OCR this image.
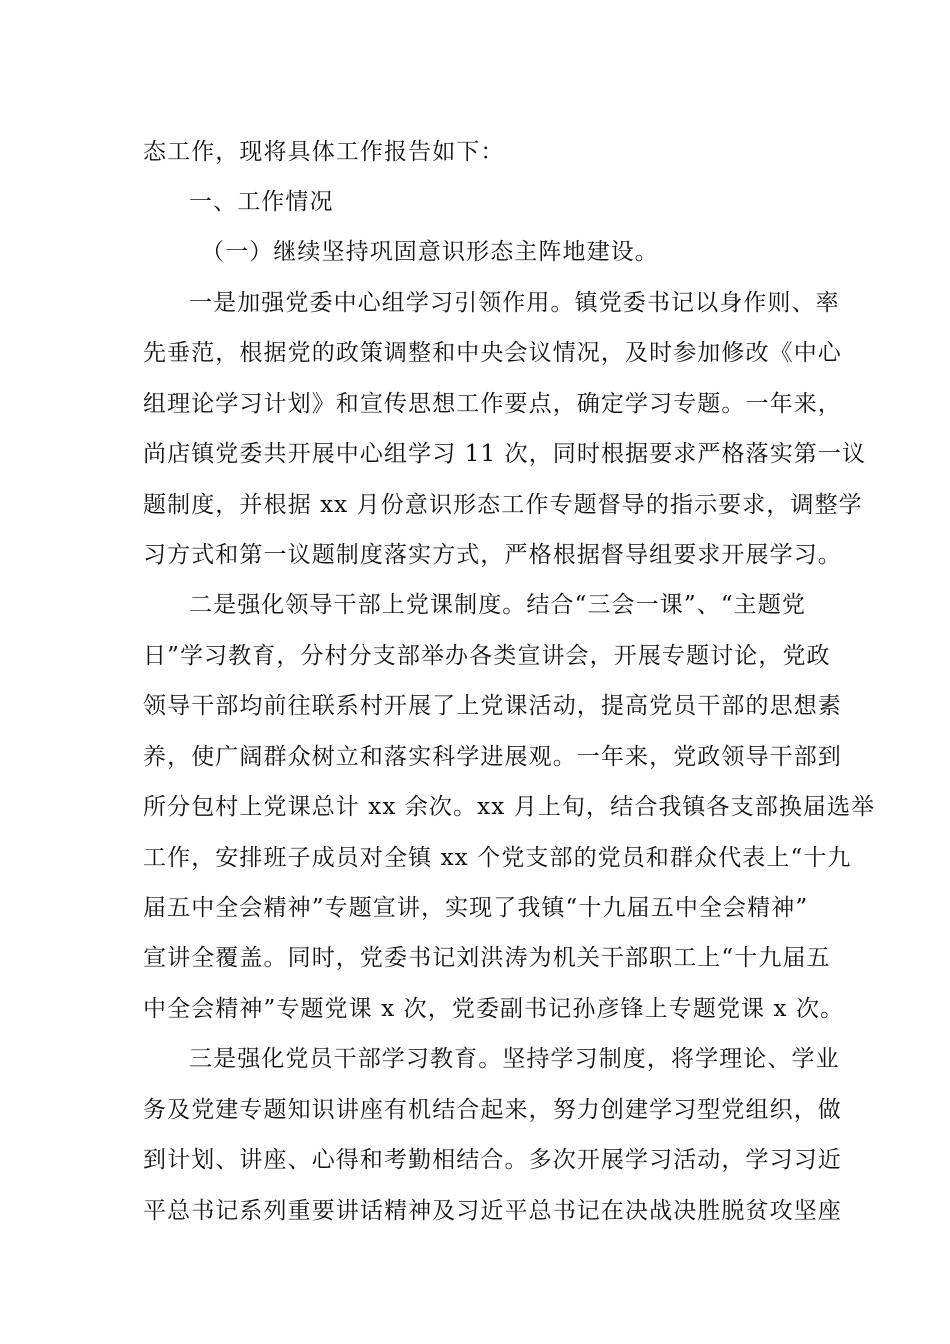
态工作，现将具体工作报告如下：
一、工作情况
（一）继续坚持巩固意识形态主阵地建设。
一是加强党委中心组学习引领作用。镇党委书记以身作则、率
先垂范，根据党的政策调整和中央会议情况，及时参加修改《中心
组理论学习计划》和宣传思想工作要点，确定学习专题。一年来，
尚店镇党委共开展中心组学习 11 次，同时根据要求严格落实第一议
题制度，并根据 xx 月份意识形态工作专题督导的指示要求，调整学
习方式和第一议题制度落实方式，严格根据督导组要求开展学习。
二是强化领导干部上党课制度。结合“三会一课”、“主题党
日”学习教育，分村分支部举办各类宣讲会，开展专题讨论，党政
领导干部均前往联系村开展了上党课活动，提高党员干部的思想素
养，使广阔群众树立和落实科学进展观。一年来，党政领导干部到
所分包村上党课总计 xx 余次。xx 月上旬，结合我镇各支部换届选举
工作，安排班子成员对全镇 xx 个党支部的党员和群众代表上“十九
届五中全会精神”专题宣讲，实现了我镇“十九届五中全会精神”
宣讲全覆盖。同时，党委书记刘洪涛为机关干部职工上“十九届五
中全会精神”专题党课 x 次，党委副书记孙彦锋上专题党课 x 次。
三是强化党员干部学习教育。坚持学习制度，将学理论、学业
务及党建专题知识讲座有机结合起来，努力创建学习型党组织，做
到计划、讲座、心得和考勤相结合。多次开展学习活动，学习习近
平总书记系列重要讲话精神及习近平总书记在决战决胜脱贫攻坚座
